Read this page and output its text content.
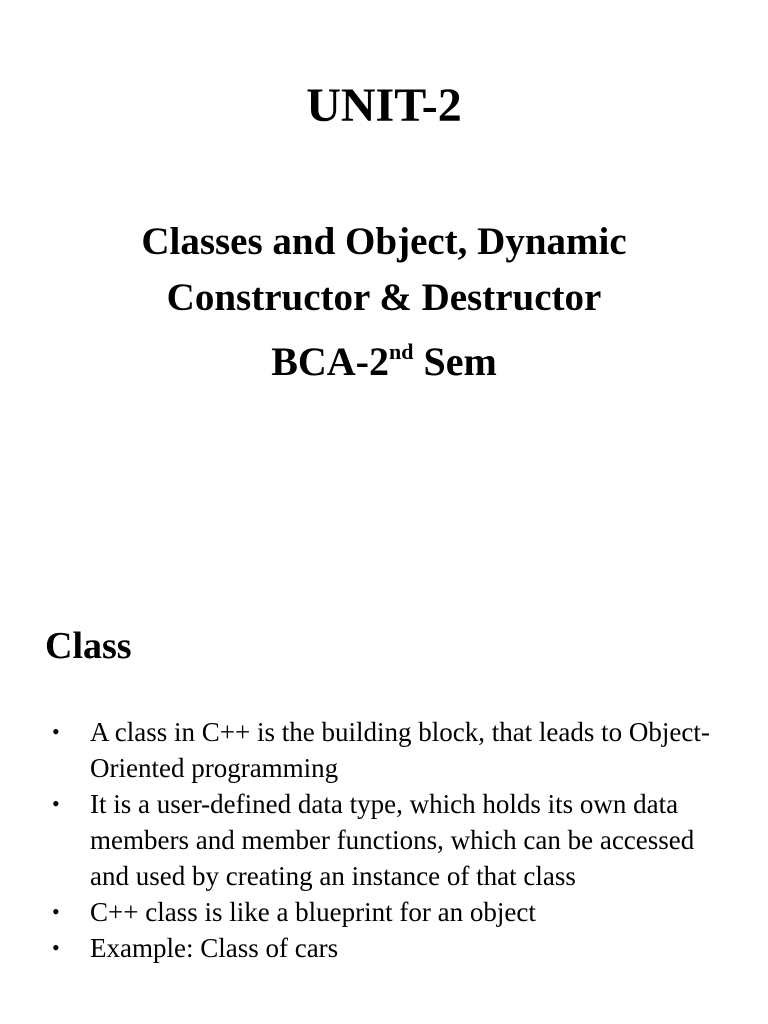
UNIT-2
Classes and Object, Dynamic Constructor & Destructor
BCA-2nd Sem
Class
• A class in C++ is the building block, that leads to Object-Oriented programming
• It is a user-defined data type, which holds its own data members and member functions, which can be accessed and used by creating an instance of that class
• C++ class is like a blueprint for an object
• Example: Class of cars
